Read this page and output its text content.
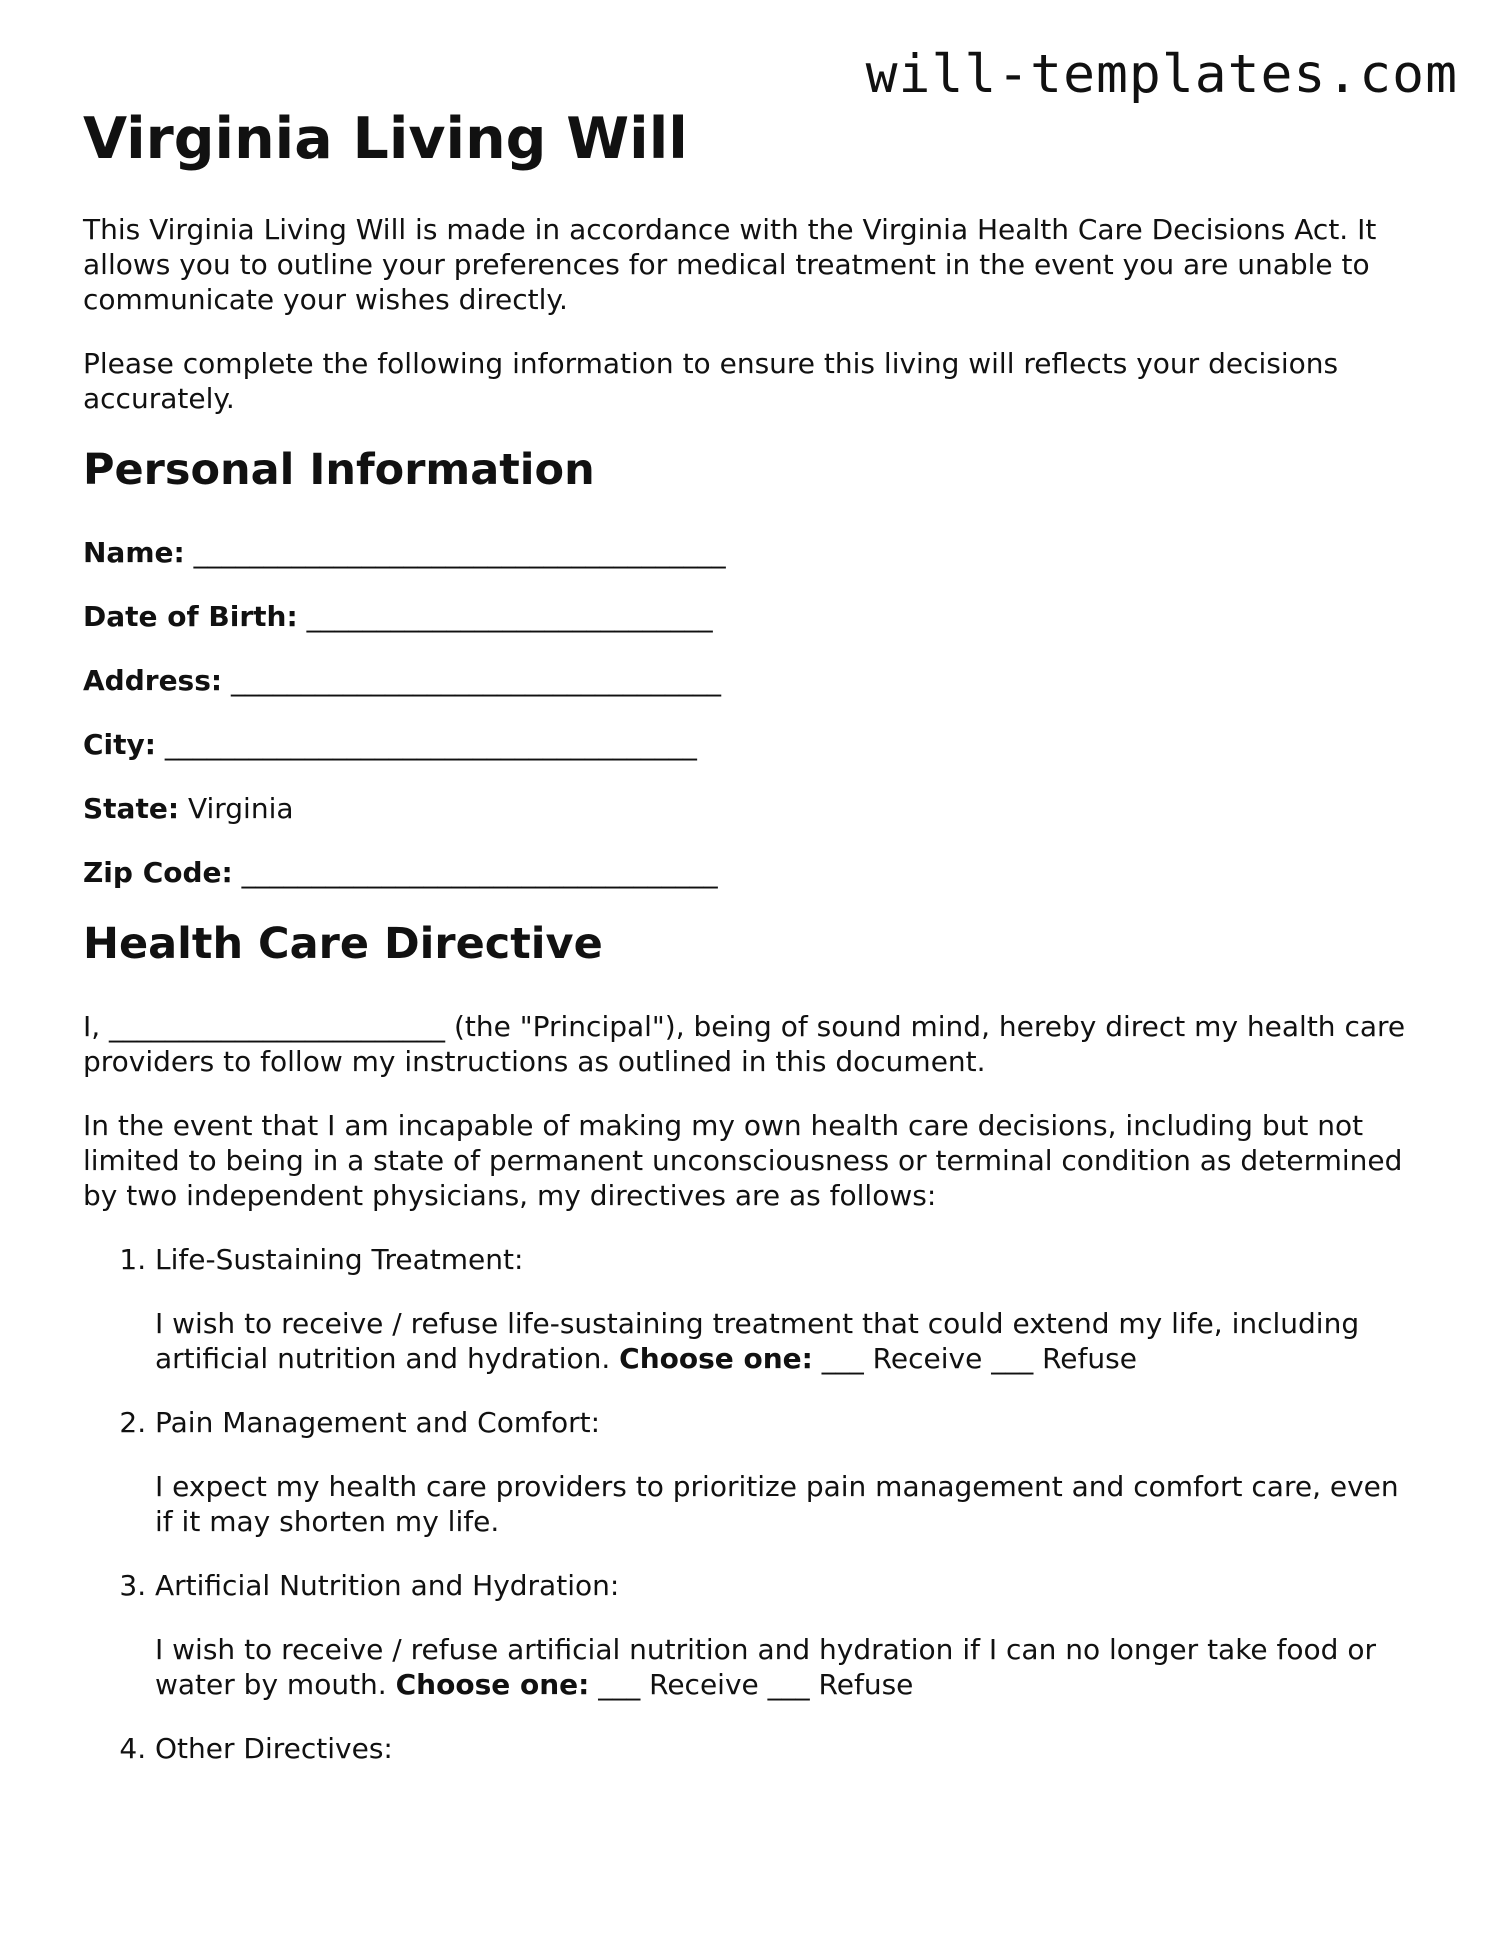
will-templates.com
Virginia Living Will

This Virginia Living Will is made in accordance with the Virginia Health Care Decisions Act. It allows you to outline your preferences for medical treatment in the event you are unable to communicate your wishes directly.

Please complete the following information to ensure this living will reflects your decisions accurately.

Personal Information
Name: ______________________________________
Date of Birth: _____________________________
Address: ___________________________________
City: ______________________________________
State: Virginia
Zip Code: __________________________________
Health Care Directive

I, ________________________ (the "Principal"), being of sound mind, hereby direct my health care providers to follow my instructions as outlined in this document.

In the event that I am incapable of making my own health care decisions, including but not limited to being in a state of permanent unconsciousness or terminal condition as determined by two independent physicians, my directives are as follows:

1. Life-Sustaining Treatment:
I wish to receive / refuse life-sustaining treatment that could extend my life, including artificial nutrition and hydration. Choose one: ___ Receive ___ Refuse
2. Pain Management and Comfort:
I expect my health care providers to prioritize pain management and comfort care, even if it may shorten my life.
3. Artificial Nutrition and Hydration:
I wish to receive / refuse artificial nutrition and hydration if I can no longer take food or water by mouth. Choose one: ___ Receive ___ Refuse
4. Other Directives:
